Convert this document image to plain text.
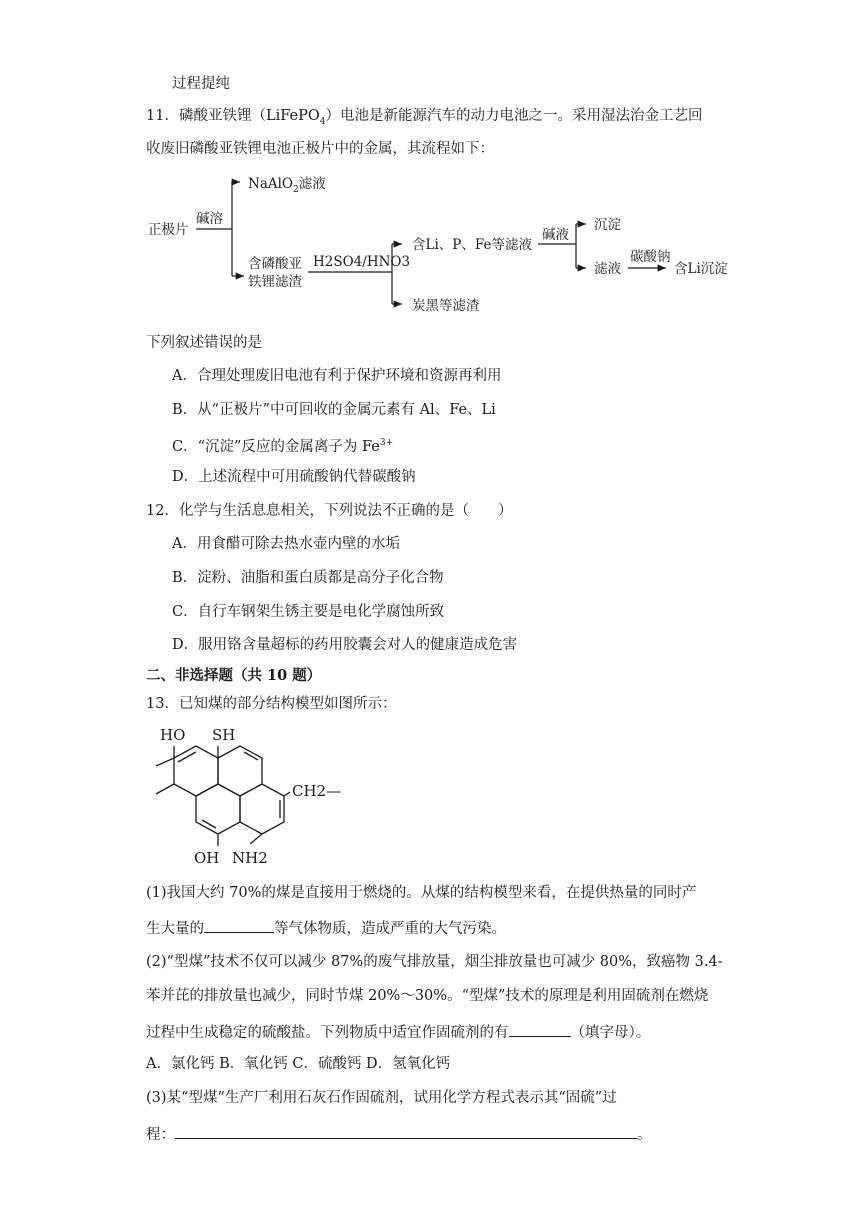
过程提纯
11．磷酸亚铁锂（LiFePO$_4$）电池是新能源汽车的动力电池之一。采用湿法治金工艺回
收废旧磷酸亚铁锂电池正极片中的金属，其流程如下：
正极片
碱溶
NaAlO$_2$滤液
含磷酸亚
铁锂滤渣
H2SO4/HNO3
含Li、P、Fe等滤液
炭黑等滤渣
碱液
沉淀
滤液
碳酸钠
含Li沉淀
下列叙述错误的是
A．合理处理废旧电池有利于保护环境和资源再利用
B．从“正极片”中可回收的金属元素有 Al、Fe、Li
C．“沉淀”反应的金属离子为 $Fe^{3+}$
D．上述流程中可用硫酸钠代替碳酸钠
12．化学与生活息息相关，下列说法不正确的是（　　）
A．用食醋可除去热水壶内壁的水垢
B．淀粉、油脂和蛋白质都是高分子化合物
C．自行车钢架生锈主要是电化学腐蚀所致
D．服用铬含量超标的药用胶囊会对人的健康造成危害
二、非选择题（共 10 题）
13．已知煤的部分结构模型如图所示：
HO SH
CH2—
OH NH2
(1)我国大约 70%的煤是直接用于燃烧的。从煤的结构模型来看，在提供热量的同时产
生大量的	等气体物质，造成严重的大气污染。
(2)“型煤”技术不仅可以减少 87%的废气排放量，烟尘排放量也可减少 80%，致癌物 3.4-
苯并芘的排放量也减少，同时节煤 20%～30%。“型煤”技术的原理是利用固硫剂在燃烧
过程中生成稳定的硫酸盐。下列物质中适宜作固硫剂的有	（填字母）。
A．氯化钙 B．氧化钙 C．硫酸钙 D．氢氧化钙
(3)某“型煤”生产厂利用石灰石作固硫剂，试用化学方程式表示其“固硫”过
程：	。
